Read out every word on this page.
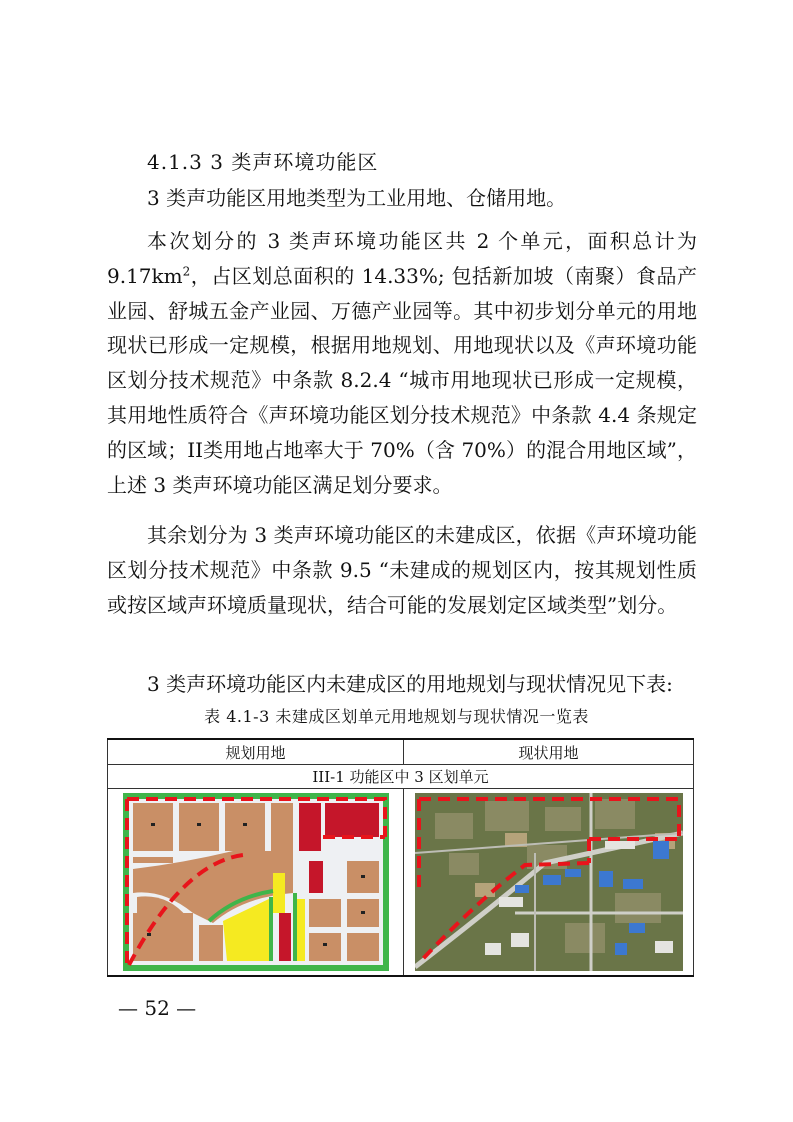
4.1.3 3 类声环境功能区

3 类声功能区用地类型为工业用地、仓储用地。

本次划分的 3 类声环境功能区共 2 个单元，面积总计为 $9.17km^2$，占区划总面积的 14.33%; 包括新加坡（南聚）食品产业园、舒城五金产业园、万德产业园等。其中初步划分单元的用地现状已形成一定规模，根据用地规划、用地现状以及《声环境功能区划分技术规范》中条款 8.2.4 “城市用地现状已形成一定规模，其用地性质符合《声环境功能区划分技术规范》中条款 4.4 条规定的区域；II类用地占地率大于 70%（含 70%）的混合用地区域”，上述 3 类声环境功能区满足划分要求。

其余划分为 3 类声环境功能区的未建成区，依据《声环境功能区划分技术规范》中条款 9.5 “未建成的规划区内，按其规划性质或按区域声环境质量现状，结合可能的发展划定区域类型”划分。

3 类声环境功能区内未建成区的用地规划与现状情况见下表:

表 4.1-3 未建成区划单元用地规划与现状情况一览表
规划用地	现状用地
III-1 功能区中 3 区划单元	

— 52 —
